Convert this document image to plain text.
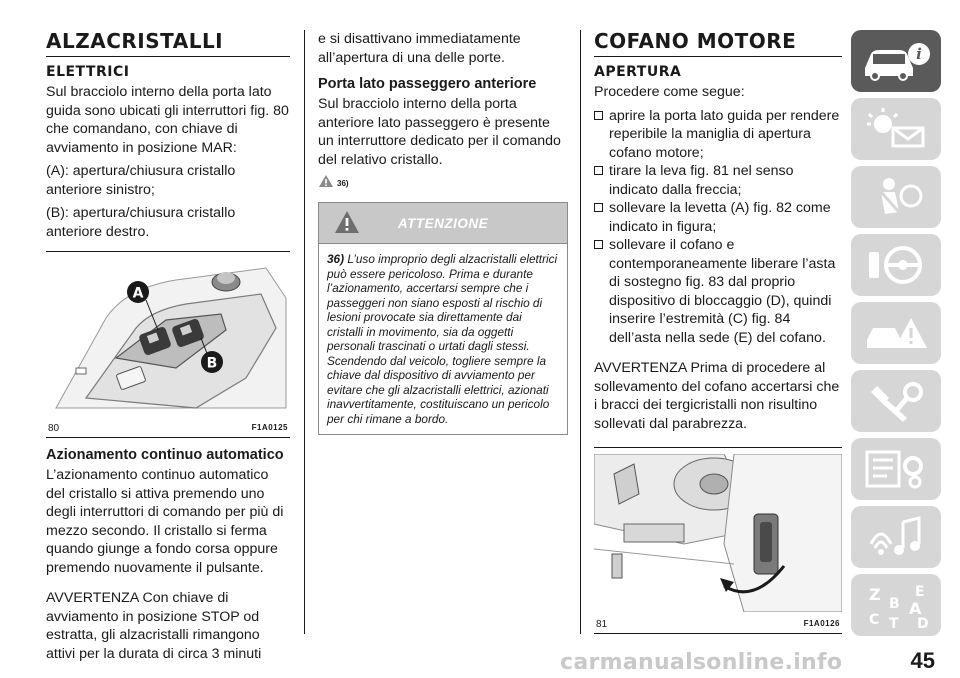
ALZACRISTALLI
ELETTRICI

Sul bracciolo interno della porta lato guida sono ubicati gli interruttori fig. 80 che comandano, con chiave di avviamento in posizione MAR:

(A): apertura/chiusura cristallo anteriore sinistro;

(B): apertura/chiusura cristallo anteriore destro.

A
B
80	F1A0125
Azionamento continuo automatico

L’azionamento continuo automatico del cristallo si attiva premendo uno degli interruttori di comando per più di mezzo secondo. Il cristallo si ferma quando giunge a fondo corsa oppure premendo nuovamente il pulsante.

AVVERTENZA Con chiave di avviamento in posizione STOP od estratta, gli alzacristalli rimangono attivi per la durata di circa 3 minuti

e si disattivano immediatamente all’apertura di una delle porte.

Porta lato passeggero anteriore

Sul bracciolo interno della porta anteriore lato passeggero è presente un interruttore dedicato per il comando del relativo cristallo.

36)
ATTENZIONE
36) L’uso improprio degli alzacristalli elettrici può essere pericoloso. Prima e durante l’azionamento, accertarsi sempre che i passeggeri non siano esposti al rischio di lesioni provocate sia direttamente dai cristalli in movimento, sia da oggetti personali trascinati o urtati dagli stessi. Scendendo dal veicolo, togliere sempre la chiave dal dispositivo di avviamento per evitare che gli alzacristalli elettrici, azionati inavvertitamente, costituiscano un pericolo per chi rimane a bordo.
COFANO MOTORE
APERTURA

Procedere come segue:

aprire la porta lato guida per rendere reperibile la maniglia di apertura cofano motore;
tirare la leva fig. 81 nel senso indicato dalla freccia;
sollevare la levetta (A) fig. 82 come indicato in figura;
sollevare il cofano e contemporaneamente liberare l’asta di sostegno fig. 83 dal proprio dispositivo di bloccaggio (D), quindi inserire l’estremità (C) fig. 84 dell’asta nella sede (E) del cofano.

AVVERTENZA Prima di procedere al sollevamento del cofano accertarsi che i bracci dei tergicristalli non risultino sollevati dal parabrezza.

81	F1A0126
i
Z E
B A
C T D
carmanualsonline.info	45
